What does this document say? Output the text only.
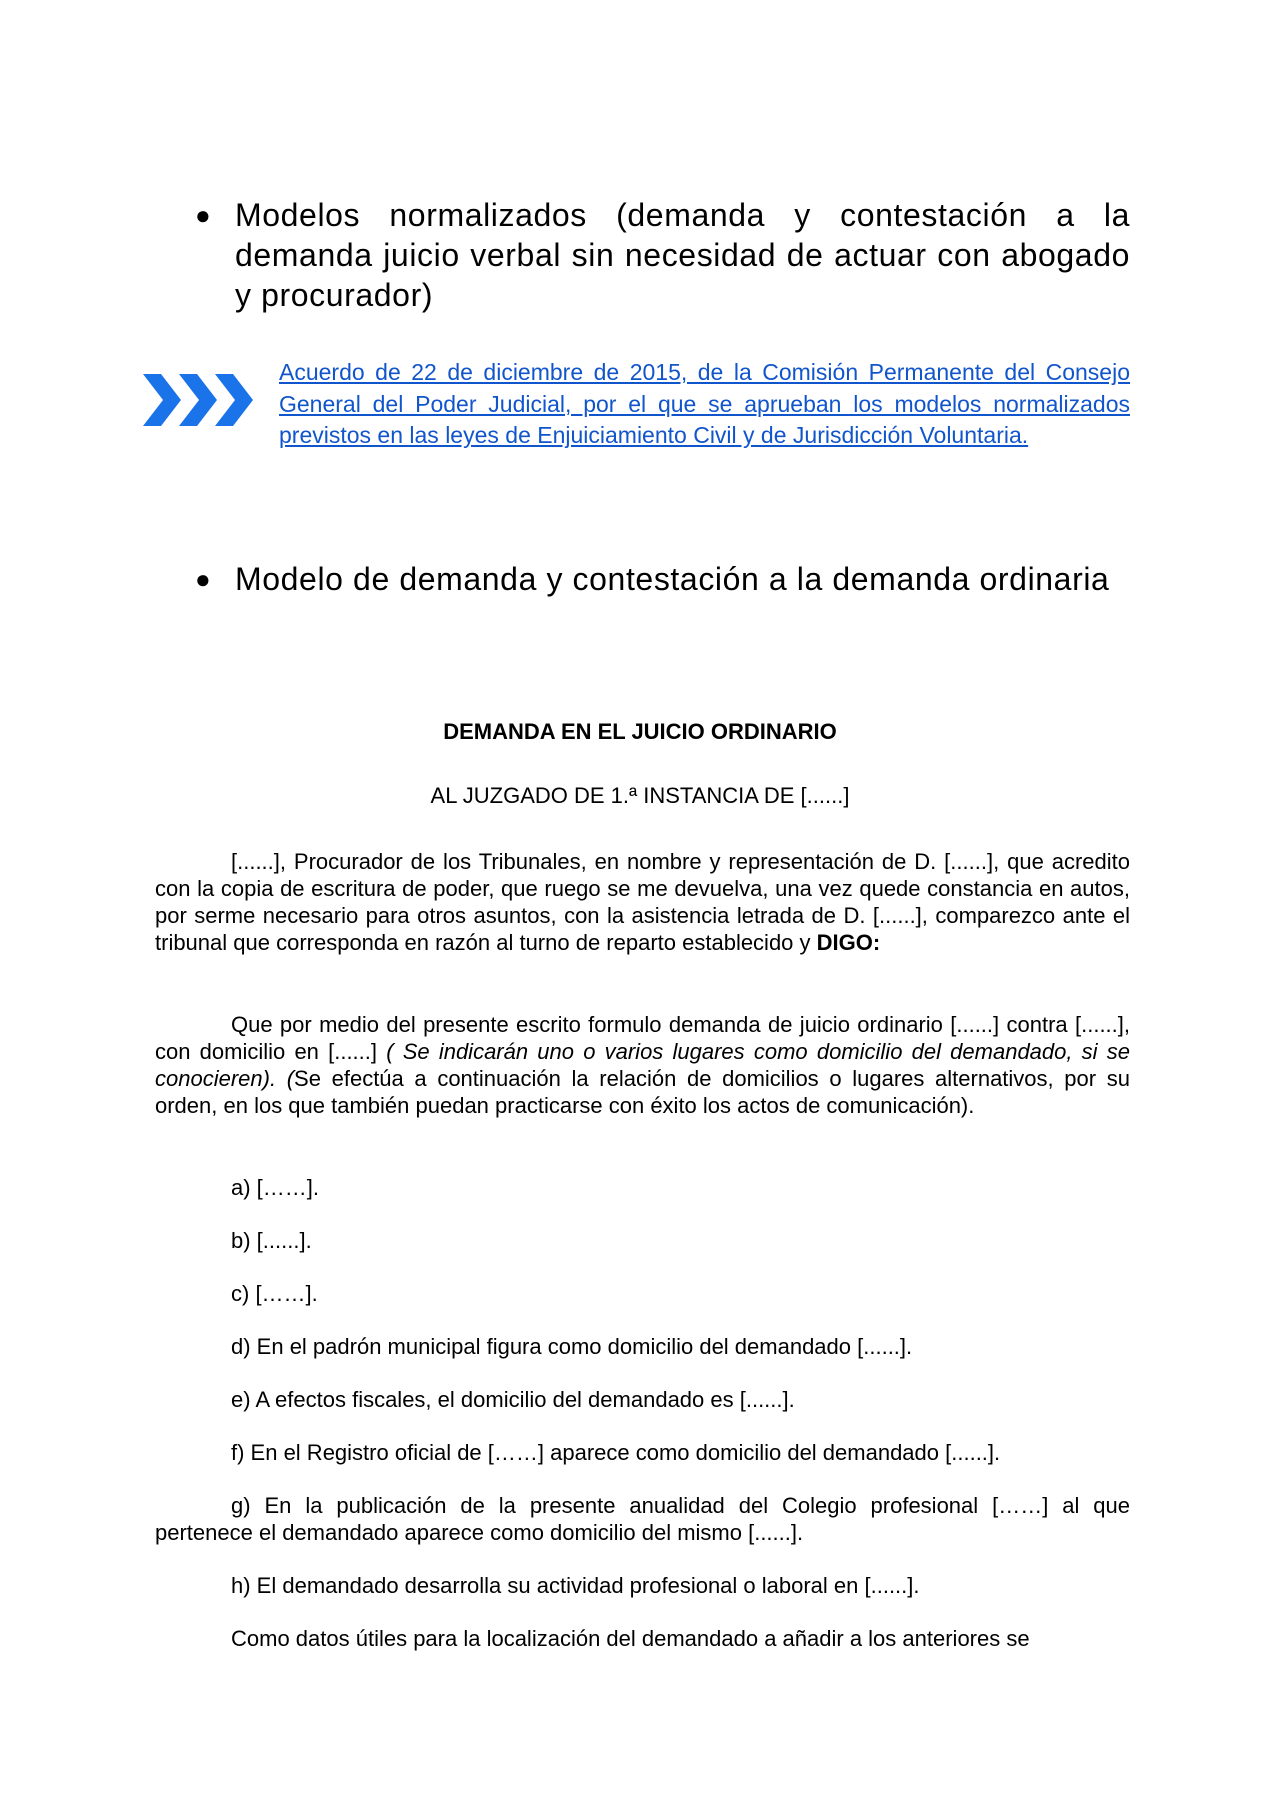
● Modelos normalizados (demanda y contestación a la demanda juicio verbal sin necesidad de actuar con abogado y procurador)
Acuerdo de 22 de diciembre de 2015, de la Comisión Permanente del Consejo General del Poder Judicial, por el que se aprueban los modelos normalizados previstos en las leyes de Enjuiciamiento Civil y de Jurisdicción Voluntaria.
● Modelo de demanda y contestación a la demanda ordinaria
DEMANDA EN EL JUICIO ORDINARIO
AL JUZGADO DE 1.ª INSTANCIA DE [......]
[......], Procurador de los Tribunales, en nombre y representación de D. [......], que acredito con la copia de escritura de poder, que ruego se me devuelva, una vez quede constancia en autos, por serme necesario para otros asuntos, con la asistencia letrada de D. [......], comparezco ante el tribunal que corresponda en razón al turno de reparto establecido y DIGO:
Que por medio del presente escrito formulo demanda de juicio ordinario [......] contra [......], con domicilio en [......] ( Se indicarán uno o varios lugares como domicilio del demandado, si se conocieren). (Se efectúa a continuación la relación de domicilios o lugares alternativos, por su orden, en los que también puedan practicarse con éxito los actos de comunicación).
a) [……].
b) [......].
c) [……].
d) En el padrón municipal figura como domicilio del demandado [......].
e) A efectos fiscales, el domicilio del demandado es [......].
f) En el Registro oficial de [……] aparece como domicilio del demandado [......].
g) En la publicación de la presente anualidad del Colegio profesional [……] al que pertenece el demandado aparece como domicilio del mismo [......].
h) El demandado desarrolla su actividad profesional o laboral en [......].
Como datos útiles para la localización del demandado a añadir a los anteriores se
